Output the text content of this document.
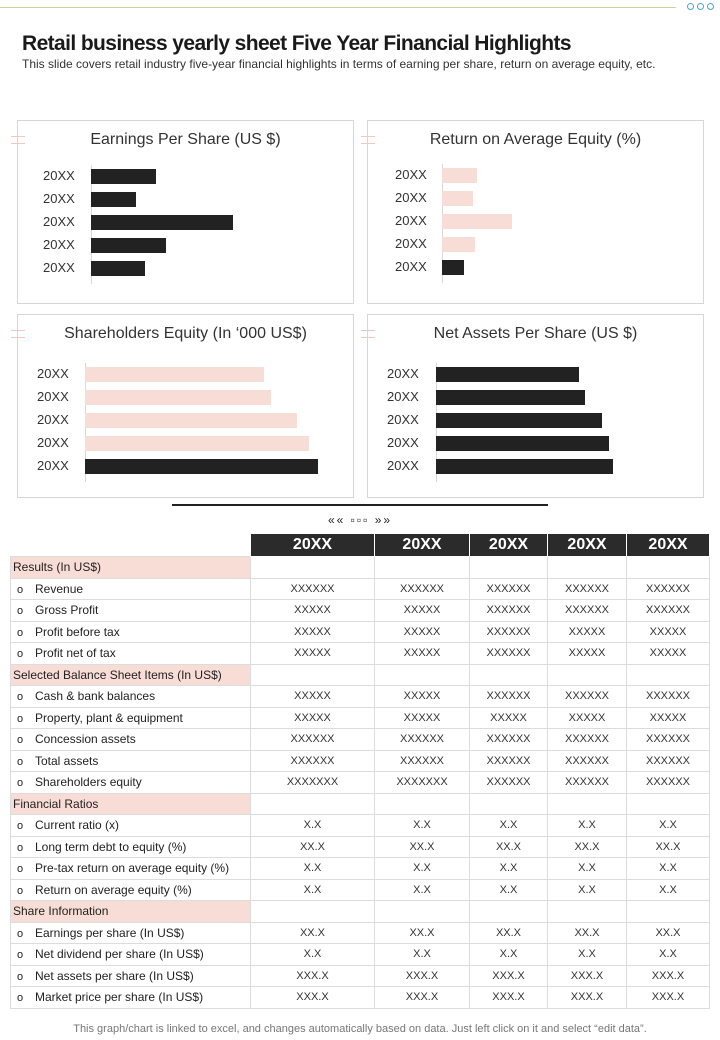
Retail business yearly sheet Five Year Financial Highlights
This slide covers retail industry five-year financial highlights in terms of earning per share, return on average equity, etc.
Earnings Per Share (US $)
20XX
20XX
20XX
20XX
20XX
Return on Average Equity (%)
20XX
20XX
20XX
20XX
20XX
Shareholders Equity (In ‘000 US$)
20XX
20XX
20XX
20XX
20XX
Net Assets Per Share (US $)
20XX
20XX
20XX
20XX
20XX
«« ▫▫▫ »»
	20XX	20XX	20XX	20XX	20XX
Results (In US$)					
o Revenue	XXXXXX	XXXXXX	XXXXXX	XXXXXX	XXXXXX
o Gross Profit	XXXXX	XXXXX	XXXXXX	XXXXXX	XXXXXX
o Profit before tax	XXXXX	XXXXX	XXXXXX	XXXXX	XXXXX
o Profit net of tax	XXXXX	XXXXX	XXXXXX	XXXXX	XXXXX
Selected Balance Sheet Items (In US$)					
o Cash & bank balances	XXXXX	XXXXX	XXXXXX	XXXXXX	XXXXXX
o Property, plant & equipment	XXXXX	XXXXX	XXXXX	XXXXX	XXXXX
o Concession assets	XXXXXX	XXXXXX	XXXXXX	XXXXXX	XXXXXX
o Total assets	XXXXXX	XXXXXX	XXXXXX	XXXXXX	XXXXXX
o Shareholders equity	XXXXXXX	XXXXXXX	XXXXXX	XXXXXX	XXXXXX
Financial Ratios					
o Current ratio (x)	X.X	X.X	X.X	X.X	X.X
o Long term debt to equity (%)	XX.X	XX.X	XX.X	XX.X	XX.X
o Pre-tax return on average equity (%)	X.X	X.X	X.X	X.X	X.X
o Return on average equity (%)	X.X	X.X	X.X	X.X	X.X
Share Information					
o Earnings per share (In US$)	XX.X	XX.X	XX.X	XX.X	XX.X
o Net dividend per share (In US$)	X.X	X.X	X.X	X.X	X.X
o Net assets per share (In US$)	XXX.X	XXX.X	XXX.X	XXX.X	XXX.X
o Market price per share (In US$)	XXX.X	XXX.X	XXX.X	XXX.X	XXX.X
This graph/chart is linked to excel, and changes automatically based on data. Just left click on it and select “edit data”.
